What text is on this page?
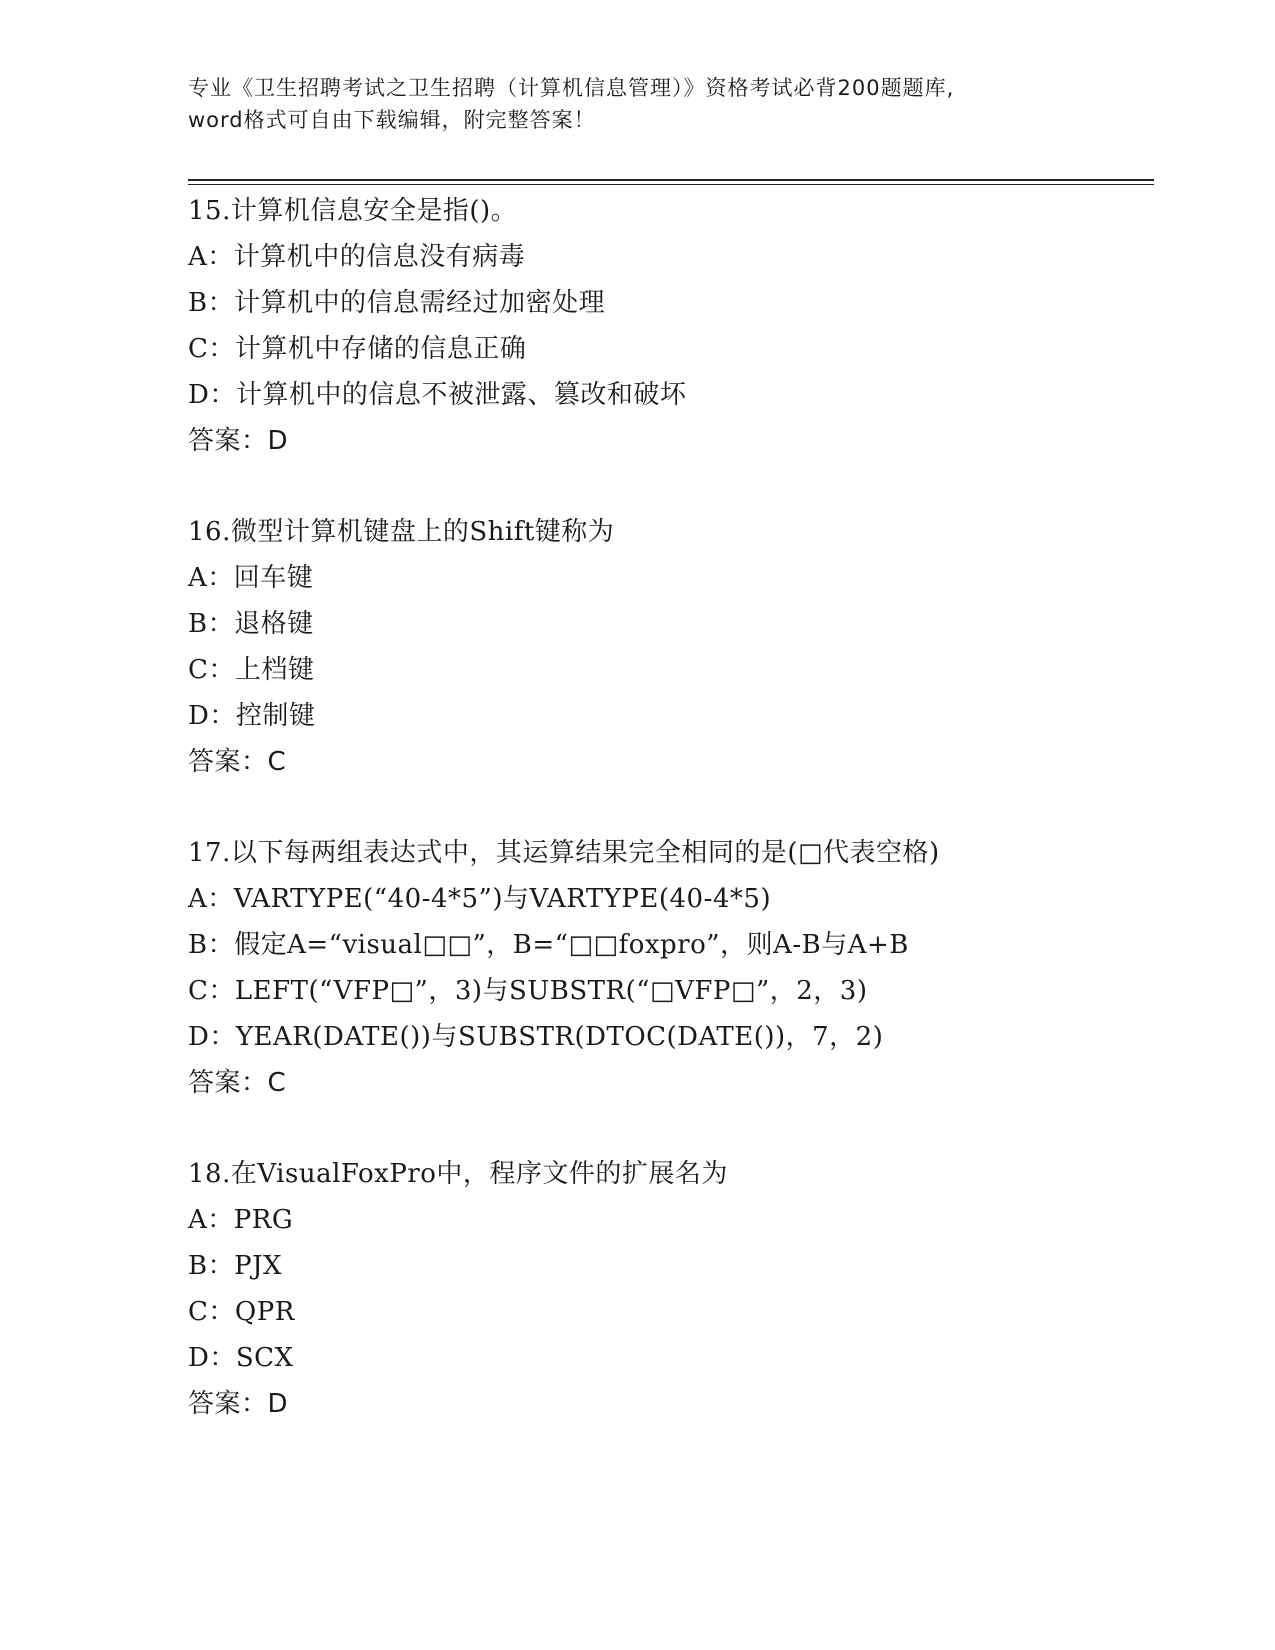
专业《卫生招聘考试之卫生招聘（计算机信息管理）》资格考试必背200题题库,
word格式可自由下载编辑，附完整答案！
15.计算机信息安全是指()。
A：计算机中的信息没有病毒
B：计算机中的信息需经过加密处理
C：计算机中存储的信息正确
D：计算机中的信息不被泄露、篡改和破坏
答案：D
16.微型计算机键盘上的Shift键称为
A：回车键
B：退格键
C：上档键
D：控制键
答案：C
17.以下每两组表达式中，其运算结果完全相同的是(□代表空格)
A：VARTYPE(“40-4*5”)与VARTYPE(40-4*5)
B：假定A=“visual□□”，B=“□□foxpro”，则A-B与A+B
C：LEFT(“VFP□”，3)与SUBSTR(“□VFP□”，2，3)
D：YEAR(DATE())与SUBSTR(DTOC(DATE())，7，2)
答案：C
18.在VisualFoxPro中，程序文件的扩展名为
A：PRG
B：PJX
C：QPR
D：SCX
答案：D
